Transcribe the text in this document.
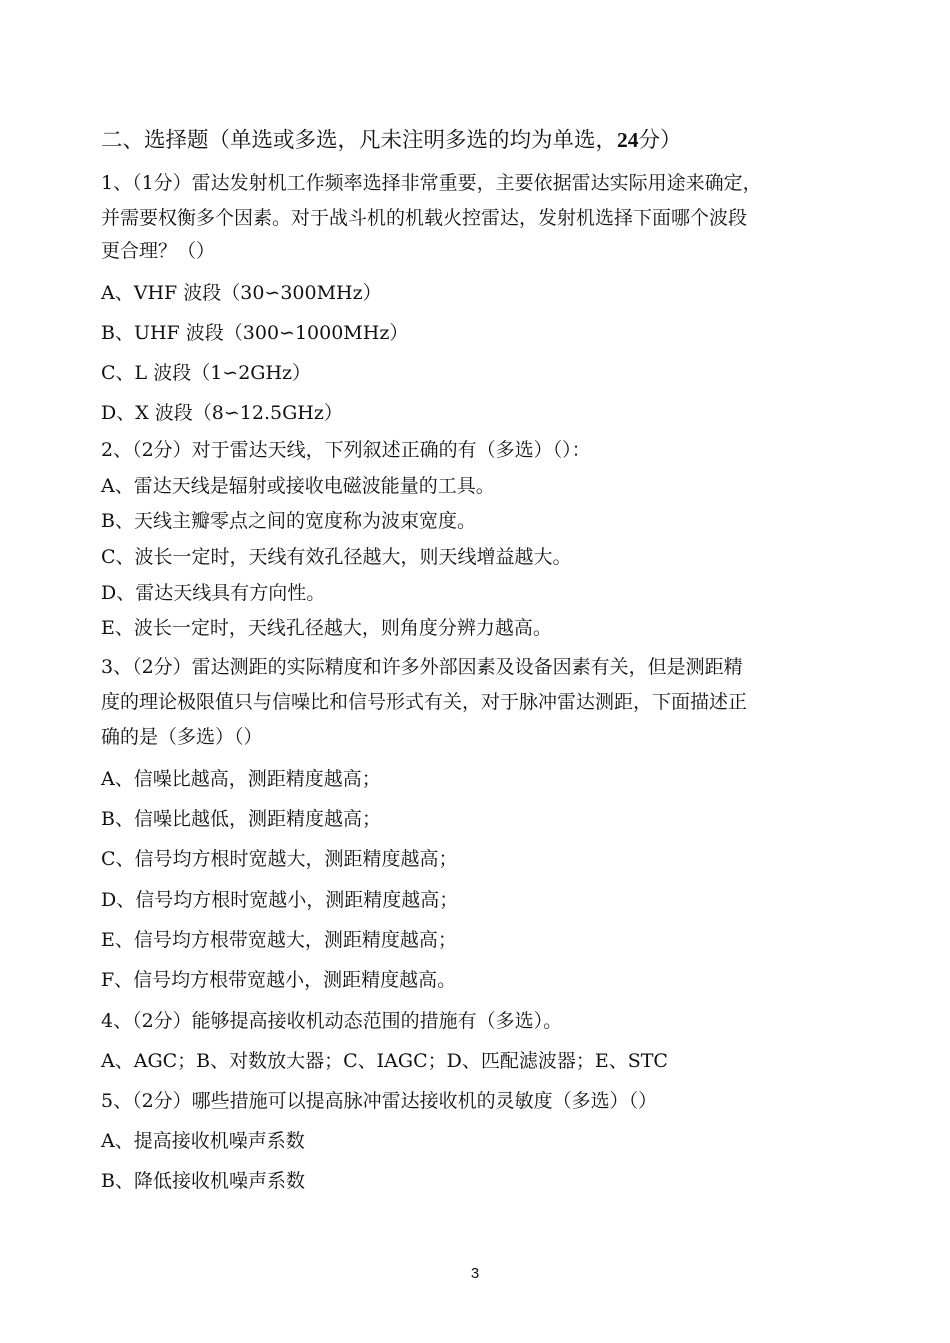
二、选择题（单选或多选，凡未注明多选的均为单选，24分）
1、（1分）雷达发射机工作频率选择非常重要，主要依据雷达实际用途来确定，
并需要权衡多个因素。对于战斗机的机载火控雷达，发射机选择下面哪个波段
更合理？（）
A、VHF 波段（30∽300MHz）
B、UHF 波段（300∽1000MHz）
C、L 波段（1∽2GHz）
D、X 波段（8∽12.5GHz）
2、（2分）对于雷达天线，下列叙述正确的有（多选）（）：
A、雷达天线是辐射或接收电磁波能量的工具。
B、天线主瓣零点之间的宽度称为波束宽度。
C、波长一定时，天线有效孔径越大，则天线增益越大。
D、雷达天线具有方向性。
E、波长一定时，天线孔径越大，则角度分辨力越高。
3、（2分）雷达测距的实际精度和许多外部因素及设备因素有关，但是测距精
度的理论极限值只与信噪比和信号形式有关，对于脉冲雷达测距，下面描述正
确的是（多选）（）
A、信噪比越高，测距精度越高；
B、信噪比越低，测距精度越高；
C、信号均方根时宽越大，测距精度越高；
D、信号均方根时宽越小，测距精度越高；
E、信号均方根带宽越大，测距精度越高；
F、信号均方根带宽越小，测距精度越高。
4、（2分）能够提高接收机动态范围的措施有（多选）。
A、AGC；B、对数放大器；C、IAGC；D、匹配滤波器；E、STC
5、（2分）哪些措施可以提高脉冲雷达接收机的灵敏度（多选）（）
A、提高接收机噪声系数
B、降低接收机噪声系数
3
